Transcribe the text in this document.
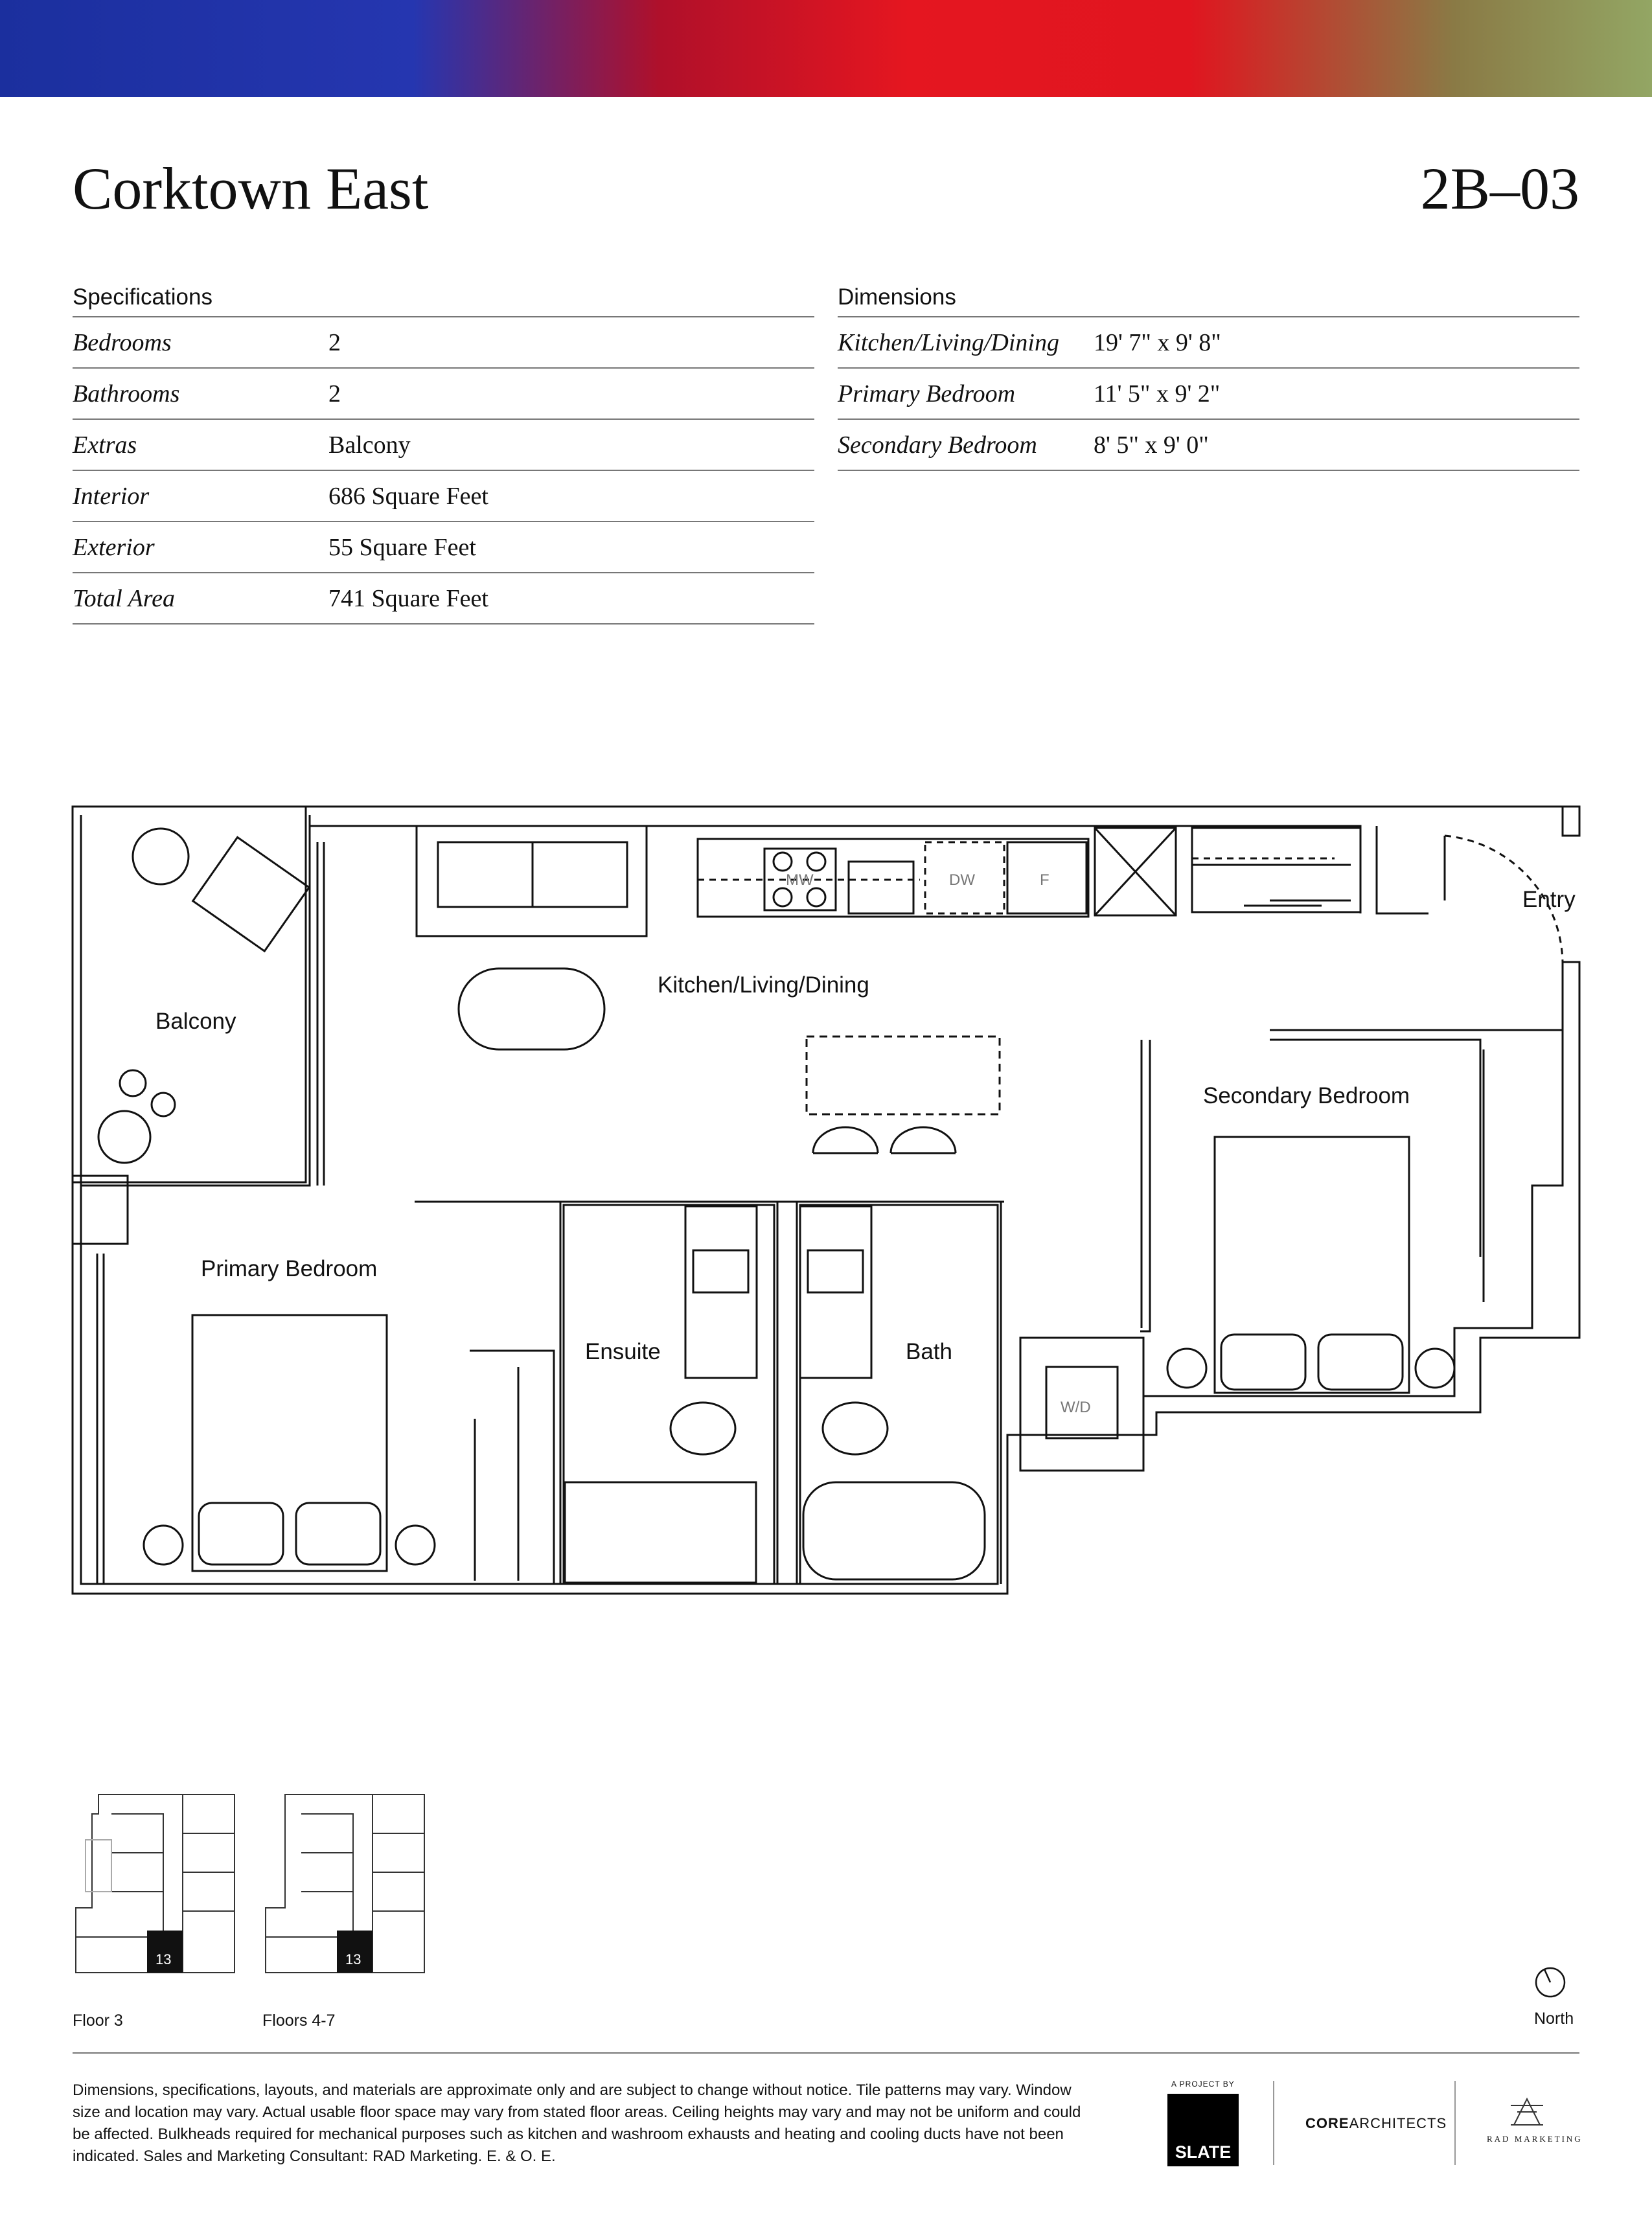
Corktown East	2B–03
Specifications
Bedrooms	2
Bathrooms	2
Extras	Balcony
Interior	686 Square Feet
Exterior	55 Square Feet
Total Area	741 Square Feet
Dimensions
Kitchen/Living/Dining	19' 7" x 9' 8"
Primary Bedroom	11' 5" x 9' 2"
Secondary Bedroom	8' 5" x 9' 0"
Balcony
Kitchen/Living/Dining
Entry
Secondary Bedroom
Primary Bedroom
Ensuite	Bath
MW	DW	F
W/D
13	13
Floor 3	Floors 4-7	North
Dimensions, specifications, layouts, and materials are approximate only and are subject to change without notice. Tile patterns may vary. Window size and location may vary. Actual usable floor space may vary from stated floor areas. Ceiling heights may vary and may not be uniform and could be affected. Bulkheads required for mechanical purposes such as kitchen and washroom exhausts and heating and cooling ducts have not been indicated. Sales and Marketing Consultant: RAD Marketing. E. & O. E.
A PROJECT BY
SLATE
COREARCHITECTS
RAD MARKETING
